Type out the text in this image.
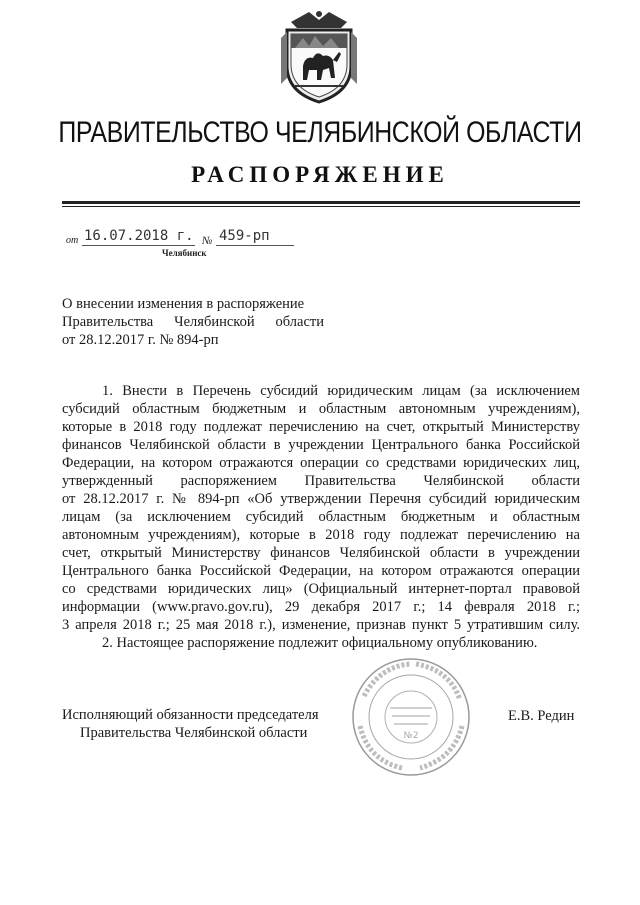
ПРАВИТЕЛЬСТВО ЧЕЛЯБИНСКОЙ ОБЛАСТИ
РАСПОРЯЖЕНИЕ
от 16.07.2018 г. № 459-рп
Челябинск
О внесении изменения в распоряжение
Правительства Челябинской области
от 28.12.2017 г. № 894-рп
1. Внести в Перечень субсидий юридическим лицам (за исключением
субсидий областным бюджетным и областным автономным учреждениям),
которые в 2018 году подлежат перечислению на счет, открытый Министерству
финансов Челябинской области в учреждении Центрального банка Российской
Федерации, на котором отражаются операции со средствами юридических лиц,
утвержденный распоряжением Правительства Челябинской области
от 28.12.2017 г. № 894-рп «Об утверждении Перечня субсидий юридическим
лицам (за исключением субсидий областным бюджетным и областным
автономным учреждениям), которые в 2018 году подлежат перечислению на
счет, открытый Министерству финансов Челябинской области в учреждении
Центрального банка Российской Федерации, на котором отражаются операции
со средствами юридических лиц» (Официальный интернет-портал правовой
информации (www.pravo.gov.ru), 29 декабря 2017 г.; 14 февраля 2018 г.;
3 апреля 2018 г.; 25 мая 2018 г.), изменение, признав пункт 5 утратившим силу.
2. Настоящее распоряжение подлежит официальному опубликованию.
№2
Исполняющий обязанности председателя
Правительства Челябинской области
Е.В. Редин
